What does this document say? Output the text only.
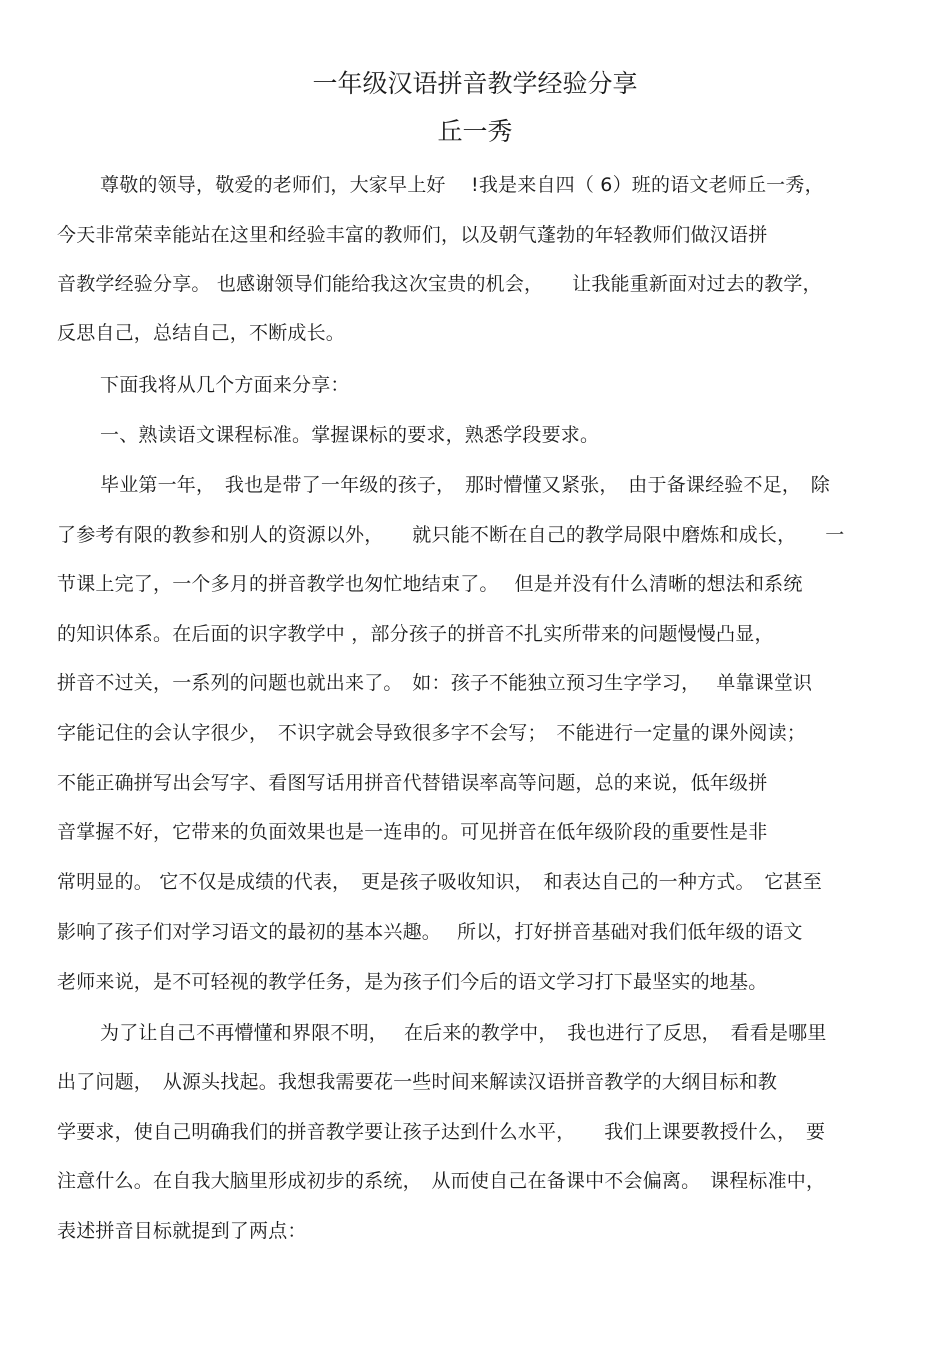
一年级汉语拼音教学经验分享
丘一秀
尊敬的领导，敬爱的老师们，大家早上好　 !我是来自四（ 6）班的语文老师丘一秀，
今天非常荣幸能站在这里和经验丰富的教师们，以及朝气蓬勃的年轻教师们做汉语拼
音教学经验分享。 也感谢领导们能给我这次宝贵的机会，　　让我能重新面对过去的教学，
反思自己，总结自己，不断成长。
下面我将从几个方面来分享：
一、熟读语文课程标准。掌握课标的要求，熟悉学段要求。
毕业第一年，　我也是带了一年级的孩子，　那时懵懂又紧张，　由于备课经验不足，　除
了参考有限的教参和别人的资源以外，　　就只能不断在自己的教学局限中磨炼和成长，　　一
节课上完了，一个多月的拼音教学也匆忙地结束了。　 但是并没有什么清晰的想法和系统
的知识体系。在后面的识字教学中 ，部分孩子的拼音不扎实所带来的问题慢慢凸显，
拼音不过关，一系列的问题也就出来了。　如：孩子不能独立预习生字学习，　 单靠课堂识
字能记住的会认字很少，　不识字就会导致很多字不会写；　不能进行一定量的课外阅读；
不能正确拼写出会写字、看图写话用拼音代替错误率高等问题，总的来说，低年级拼
音掌握不好，它带来的负面效果也是一连串的。可见拼音在低年级阶段的重要性是非
常明显的。 它不仅是成绩的代表，　更是孩子吸收知识，　和表达自己的一种方式。　它甚至
影响了孩子们对学习语文的最初的基本兴趣。　 所以，打好拼音基础对我们低年级的语文
老师来说，是不可轻视的教学任务，是为孩子们今后的语文学习打下最坚实的地基。
为了让自己不再懵懂和界限不明，　 在后来的教学中，　我也进行了反思，　看看是哪里
出了问题，　从源头找起。我想我需要花一些时间来解读汉语拼音教学的大纲目标和教
学要求，使自己明确我们的拼音教学要让孩子达到什么水平，　　我们上课要教授什么，　要
注意什么。在自我大脑里形成初步的系统，　从而使自己在备课中不会偏离。　课程标准中，
表述拼音目标就提到了两点：
